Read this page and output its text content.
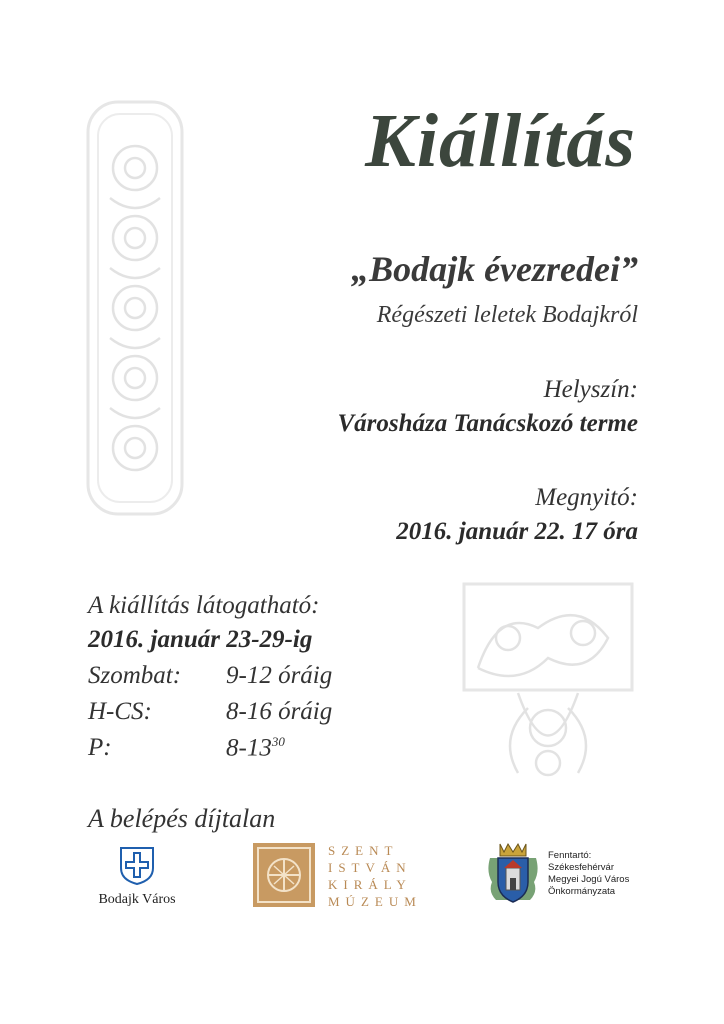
Kiállítás
„Bodajk évezredei”
Régészeti leletek Bodajkról
Helyszín:
Városháza Tanácskozó terme
Megnyitó:
2016. január 22. 17 óra
A kiállítás látogatható:
2016. január 23-29-ig
Szombat: 9-12 óráig
H-CS:	8-16 óráig
P:	$8-13^{30}$
A belépés díjtalan
Bodajk Város
SZENT
ISTVÁN
KIRÁLY
MÚZEUM
Fenntartó:
Székesfehérvár
Megyei Jogú Város
Önkormányzata
